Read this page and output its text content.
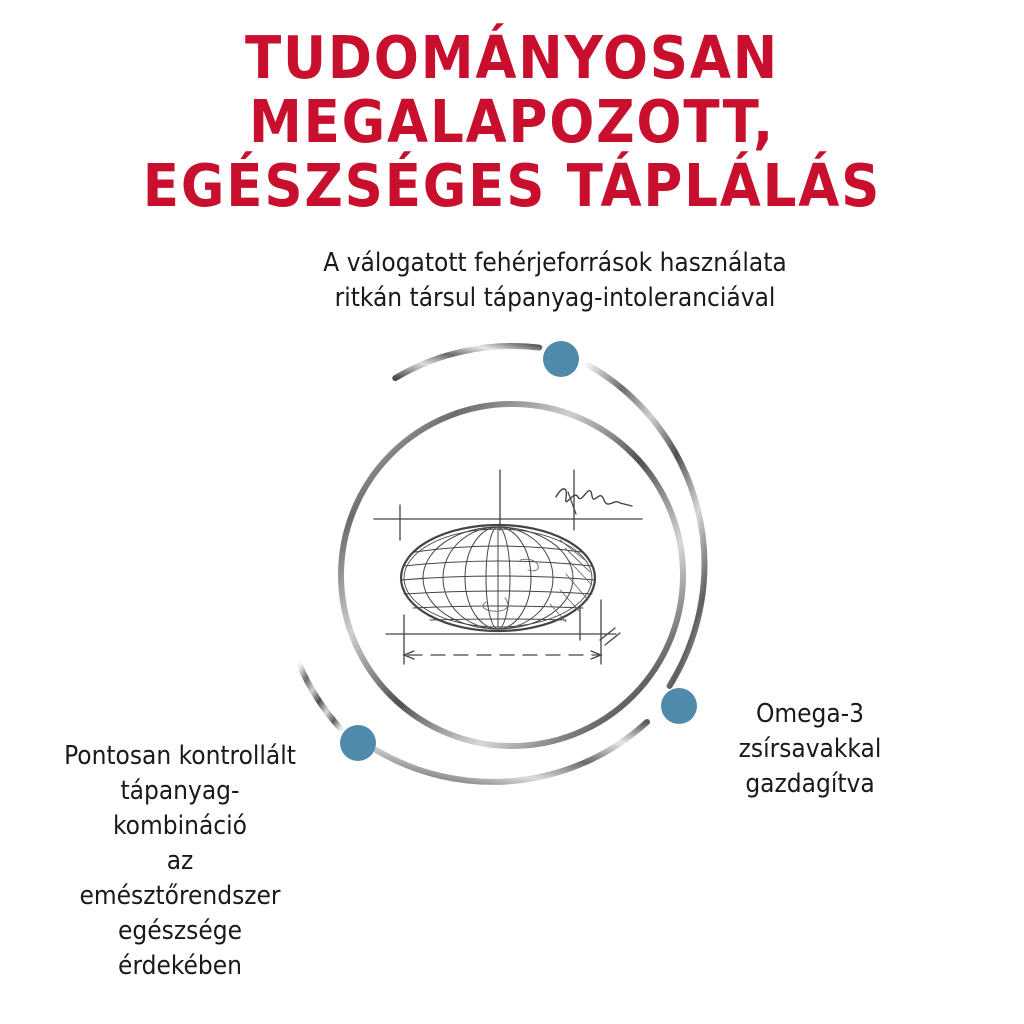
TUDOMÁNYOSAN MEGALAPOZOTT,
EGÉSZSÉGES TÁPLÁLÁS

A válogatott fehérjeforrások használata
ritkán társul tápanyag-intoleranciával

Omega-3
zsírsavakkal
gazdagítva

Pontosan kontrollált
tápanyag-
kombináció
az
emésztőrendszer
egészsége
érdekében
